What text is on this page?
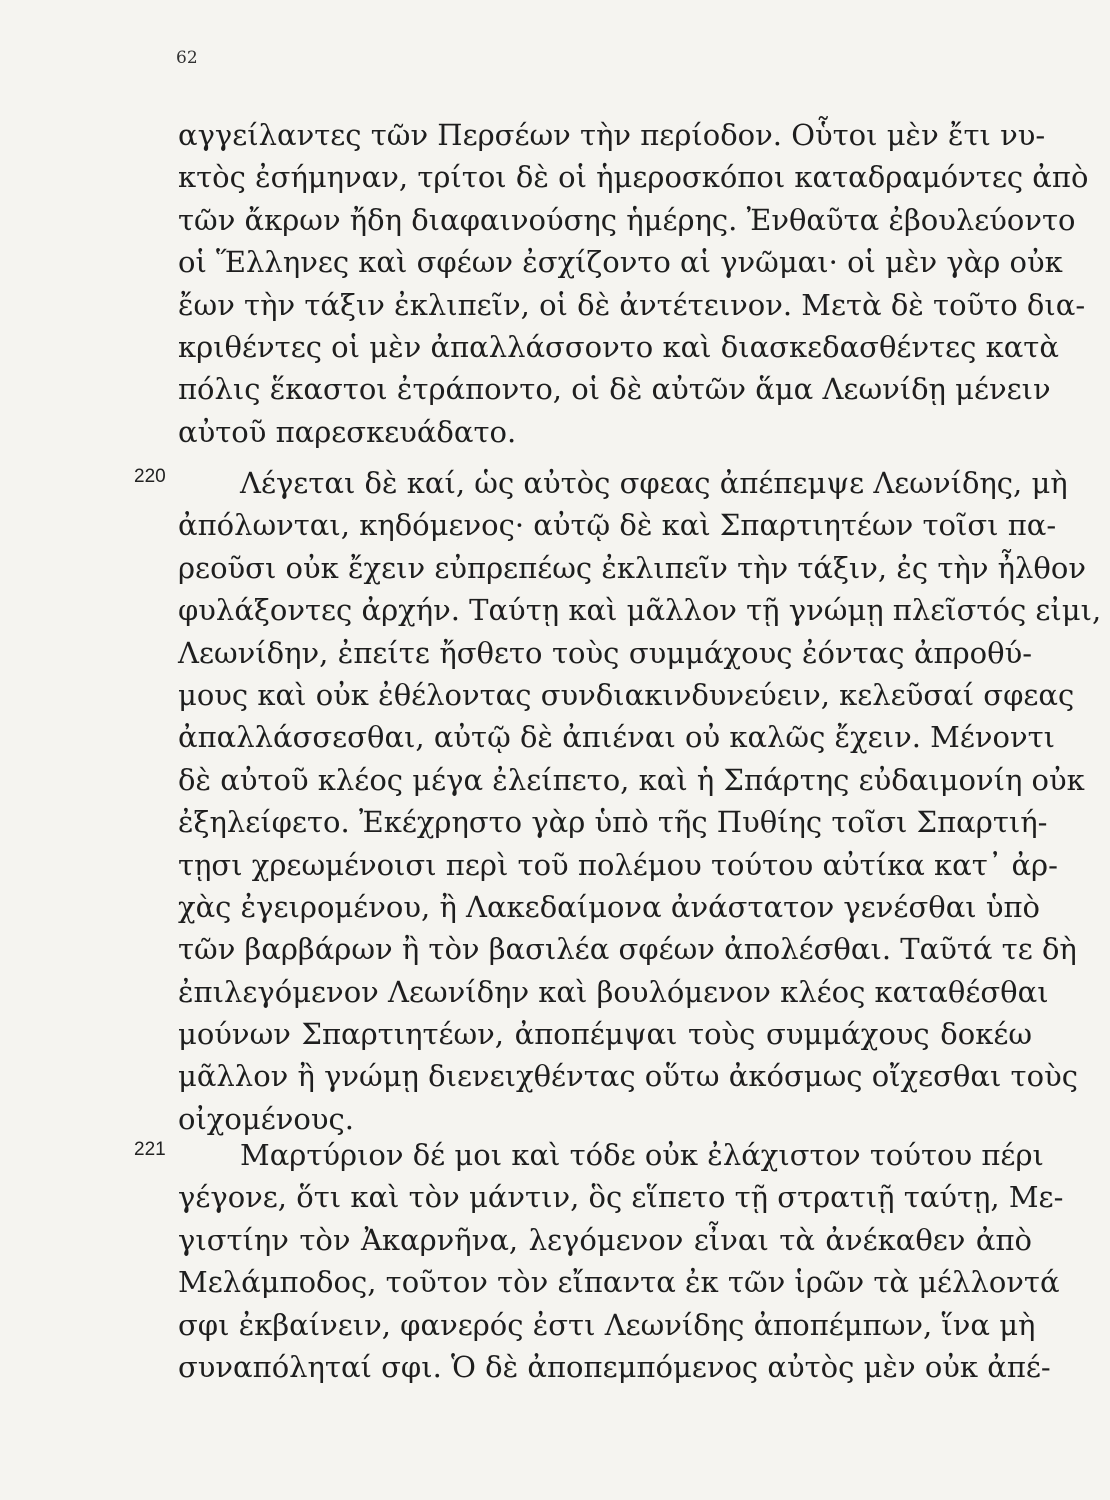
62
αγγείλαντες τῶν Περσέων τὴν περίοδον. Οὗτοι μὲν ἔτι νυ-
κτὸς ἐσήμηναν, τρίτοι δὲ οἱ ἡμεροσκόποι καταδραμόντες ἀπὸ
τῶν ἄκρων ἤδη διαφαινούσης ἡμέρης. Ἐνθαῦτα ἐβουλεύοντο
οἱ Ἕλληνες καὶ σφέων ἐσχίζοντο αἱ γνῶμαι· οἱ μὲν γὰρ οὐκ
ἔων τὴν τάξιν ἐκλιπεῖν, οἱ δὲ ἀντέτεινον. Μετὰ δὲ τοῦτο δια-
κριθέντες οἱ μὲν ἀπαλλάσσοντο καὶ διασκεδασθέντες κατὰ
πόλις ἕκαστοι ἐτράποντο, οἱ δὲ αὐτῶν ἅμα Λεωνίδῃ μένειν
αὐτοῦ παρεσκευάδατο.
220	Λέγεται δὲ καί, ὡς αὐτὸς σφεας ἀπέπεμψε Λεωνίδης, μὴ
ἀπόλωνται, κηδόμενος· αὐτῷ δὲ καὶ Σπαρτιητέων τοῖσι πα-
ρεοῦσι οὐκ ἔχειν εὐπρεπέως ἐκλιπεῖν τὴν τάξιν, ἐς τὴν ἦλθον
φυλάξοντες ἀρχήν. Ταύτῃ καὶ μᾶλλον τῇ γνώμῃ πλεῖστός εἰμι,
Λεωνίδην, ἐπείτε ἤσθετο τοὺς συμμάχους ἐόντας ἀπροθύ-
μους καὶ οὐκ ἐθέλοντας συνδιακινδυνεύειν, κελεῦσαί σφεας
ἀπαλλάσσεσθαι, αὐτῷ δὲ ἀπιέναι οὐ καλῶς ἔχειν. Μένοντι
δὲ αὐτοῦ κλέος μέγα ἐλείπετο, καὶ ἡ Σπάρτης εὐδαιμονίη οὐκ
ἐξηλείφετο. Ἐκέχρηστο γὰρ ὑπὸ τῆς Πυθίης τοῖσι Σπαρτιή-
τῃσι χρεωμένοισι περὶ τοῦ πολέμου τούτου αὐτίκα κατ᾽ ἀρ-
χὰς ἐγειρομένου, ἢ Λακεδαίμονα ἀνάστατον γενέσθαι ὑπὸ
τῶν βαρβάρων ἢ τὸν βασιλέα σφέων ἀπολέσθαι. Ταῦτά τε δὴ
ἐπιλεγόμενον Λεωνίδην καὶ βουλόμενον κλέος καταθέσθαι
μούνων Σπαρτιητέων, ἀποπέμψαι τοὺς συμμάχους δοκέω
μᾶλλον ἢ γνώμῃ διενειχθέντας οὕτω ἀκόσμως οἴχεσθαι τοὺς
οἰχομένους.
221	Μαρτύριον δέ μοι καὶ τόδε οὐκ ἐλάχιστον τούτου πέρι
γέγονε, ὅτι καὶ τὸν μάντιν, ὃς εἵπετο τῇ στρατιῇ ταύτῃ, Με-
γιστίην τὸν Ἀκαρνῆνα, λεγόμενον εἶναι τὰ ἀνέκαθεν ἀπὸ
Μελάμποδος, τοῦτον τὸν εἴπαντα ἐκ τῶν ἱρῶν τὰ μέλλοντά
σφι ἐκβαίνειν, φανερός ἐστι Λεωνίδης ἀποπέμπων, ἵνα μὴ
συναπόληταί σφι. Ὁ δὲ ἀποπεμπόμενος αὐτὸς μὲν οὐκ ἀπέ-
